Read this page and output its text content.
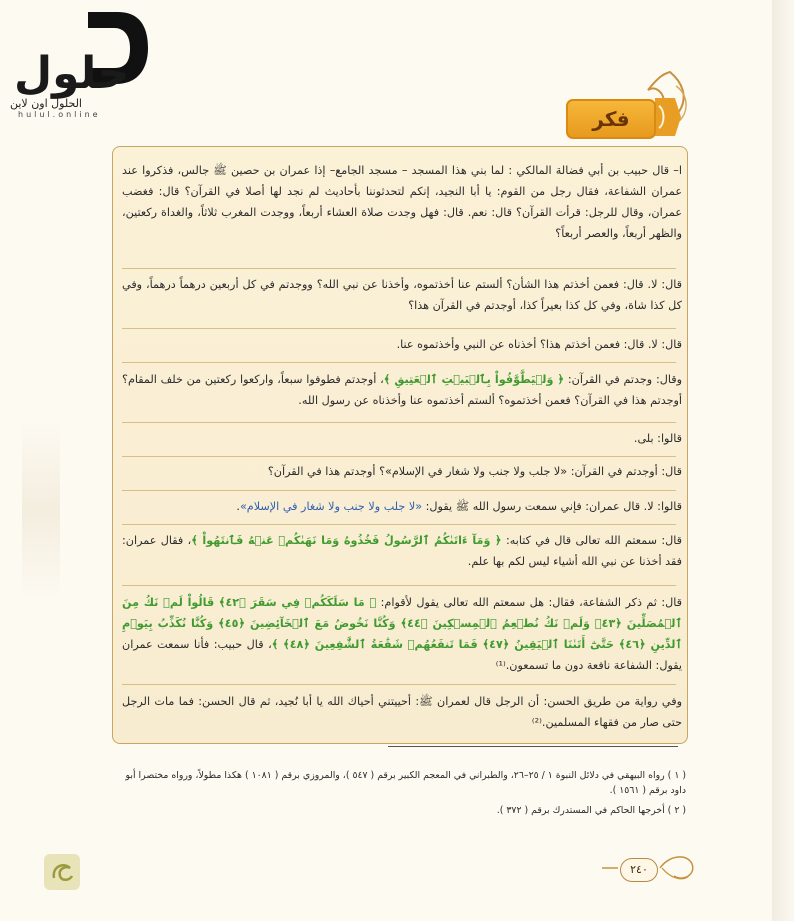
حلول
الحلول اون لاين
hulul.online	فكر
ا– قال حبيب بن أبي فضالة المالكي : لما بني هذا المسجد – مسجد الجامع– إذا عمران بن حصين ﷺ جالس، فذكروا عند عمران الشفاعة، فقال رجل من القوم: يا أبا النجيد، إنكم لتحدثوننا بأحاديث لم نجد لها أصلا في القرآن؟ قال: فغضب عمران، وقال للرجل: قرأت القرآن؟ قال: نعم. قال: فهل وجدت صلاة العشاء أربعاً، ووجدت المغرب ثلاثاً، والغداة ركعتين، والظهر أربعاً، والعصر أربعاً؟
قال: لا. قال: فعمن أخذتم هذا الشأن؟ ألستم عنا أخذتموه، وأخذنا عن نبي الله؟ ووجدتم في كل أربعين درهماً درهماً، وفي كل كذا شاة، وفي كل كذا بعيراً كذا، أوجدتم في القرآن هذا؟
قال: لا. قال: فعمن أخذتم هذا؟ أخذناه عن النبي وأخذتموه عنا.
وقال: وجدتم في القرآن: ﴿ وَلۡيَطَّوَّفُواْ بِٱلۡبَيۡتِ ٱلۡعَتِيقِ ﴾، أوجدتم فطوفوا سبعاً، واركعوا ركعتين من خلف المقام؟ أوجدتم هذا في القرآن؟ فعمن أخذتموه؟ ألستم أخذتموه عنا وأخذناه عن رسول الله.
قالوا: بلى.
قال: أوجدتم في القرآن: «لا جلب ولا جنب ولا شغار في الإسلام»؟ أوجدتم هذا في القرآن؟
قالوا: لا. قال عمران: فإني سمعت رسول الله ﷺ يقول: «لا جلب ولا جنب ولا شغار في الإسلام».
قال: سمعتم الله تعالى قال في كتابه: ﴿ وَمَآ ءَاتَىٰكُمُ ٱلرَّسُولُ فَخُذُوهُ وَمَا نَهَىٰكُمۡ عَنۡهُ فَٱنتَهُواْ ﴾، فقال عمران: فقد أخذنا عن نبي الله أشياء ليس لكم بها علم.
قال: ثم ذكر الشفاعة، فقال: هل سمعتم الله تعالى يقول لأقوام: ﴿ مَا سَلَكَكُمۡ فِي سَقَرَ ﴿٤٢﴾ قَالُواْ لَمۡ نَكُ مِنَ ٱلۡمُصَلِّينَ ﴿٤٣﴾ وَلَمۡ نَكُ نُطۡعِمُ ٱلۡمِسۡكِينَ ﴿٤٤﴾ وَكُنَّا نَخُوضُ مَعَ ٱلۡخَآئِضِينَ ﴿٤٥﴾ وَكُنَّا نُكَذِّبُ بِيَوۡمِ ٱلدِّينِ ﴿٤٦﴾ حَتَّىٰٓ أَتَىٰنَا ٱلۡيَقِينُ ﴿٤٧﴾ فَمَا تَنفَعُهُمۡ شَفَٰعَةُ ٱلشَّٰفِعِينَ ﴿٤٨﴾ ﴾، قال حبيب: فأنا سمعت عمران يقول: الشفاعة نافعة دون ما تسمعون.⁽¹⁾
وفي رواية من طريق الحسن: أن الرجل قال لعمران ﷺ: أحييتني أحياك الله يا أبا نُجيد، ثم قال الحسن: فما مات الرجل حتى صار من فقهاء المسلمين.⁽²⁾
( ١ ) رواه البيهقي في دلائل النبوة ١ / ٢٥–٢٦، والطبراني في المعجم الكبير برقم ( ٥٤٧ )، والمروزي برقم ( ١٠٨١ ) هكذا مطولاً، ورواه مختصرا أبو داود برقم ( ١٥٦١ ).
( ٢ ) أخرجها الحاكم في المستدرك برقم ( ٣٧٢ ).
٢٤٠
